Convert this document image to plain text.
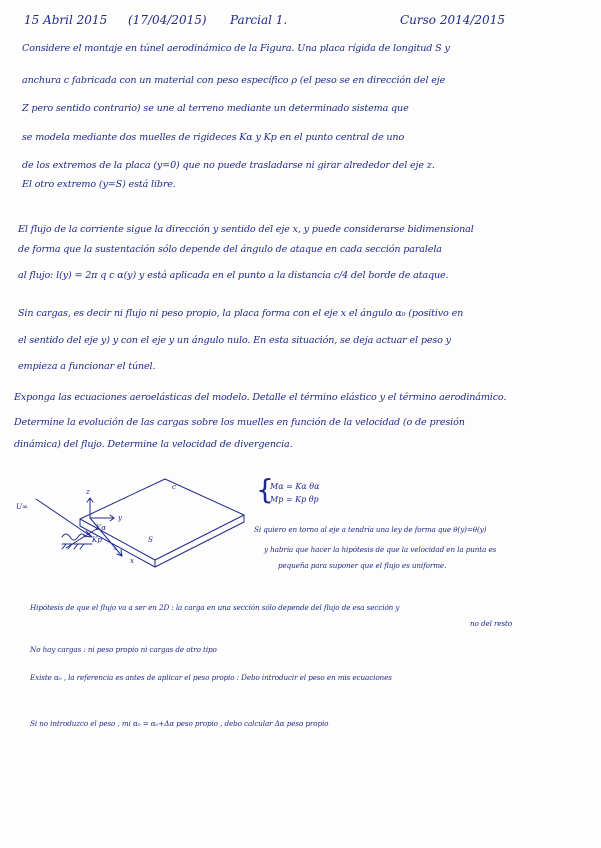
15 Abril 2015 (17/04/2015) Parcial 1.	Curso 2014/2015
Considere el montaje en túnel aerodinámico de la Figura. Una placa rígida de longitud S y
anchura c fabricada con un material con peso específico ρ (el peso se en dirección del eje
Z pero sentido contrario) se une al terreno mediante un determinado sistema que
se modela mediante dos muelles de rigideces Kα y Kp en el punto central de uno
de los extremos de la placa (y=0) que no puede trasladarse ni girar alrededor del eje z.
El otro extremo (y=S) está libre.
El flujo de la corriente sigue la dirección y sentido del eje x, y puede considerarse bidimensional
de forma que la sustentación sólo depende del ángulo de ataque en cada sección paralela
al flujo: l(y) = 2π q c α(y) y está aplicada en el punto a la distancia c/4 del borde de ataque.
Sin cargas, es decir ni flujo ni peso propio, la placa forma con el eje x el ángulo α₀ (positivo en
el sentido del eje y) y con el eje y un ángulo nulo. En esta situación, se deja actuar el peso y
empieza a funcionar el túnel.
Exponga las ecuaciones aeroelásticas del modelo. Detalle el término elástico y el término aerodinámico.
Determine la evolución de las cargas sobre los muelles en función de la velocidad (o de presión
dinámica) del flujo. Determine la velocidad de divergencia.
U∞
c
S
x
y
z
Kα
Kp
x
{
Mα = Kα θα
Mp = Kp θp
Si quiero en torno al eje a tendría una ley de forma que θ(y)=θ(y)
y habría que hacer la hipótesis de que la velocidad en la punta es
pequeña para suponer que el flujo es uniforme.
Hipótesis de que el flujo va a ser en 2D : la carga en una sección sólo depende del flujo de esa sección y
no del resto
No hay cargas : ni peso propio ni cargas de otro tipo
Existe α₀ , la referencia es antes de aplicar el peso propio : Debo introducir el peso en mis ecuaciones
Si no introduzco el peso , mi α₀ = α₀+Δα peso propio , debo calcular Δα peso propio
